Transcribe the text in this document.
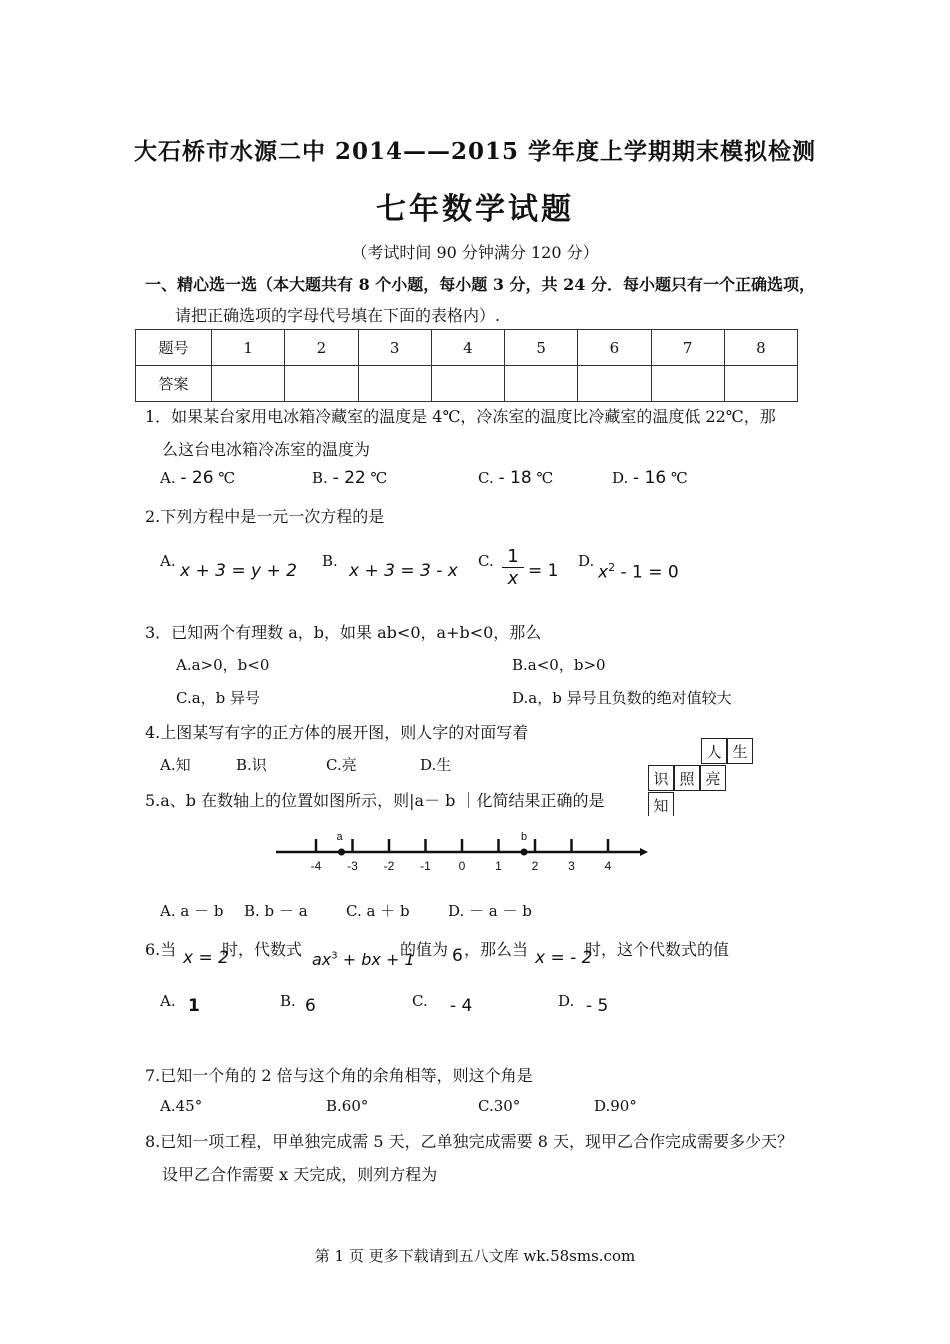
大石桥市水源二中 2014——2015 学年度上学期期末模拟检测
七年数学试题
（考试时间 90 分钟满分 120 分）
一、精心选一选（本大题共有 8 个小题，每小题 3 分，共 24 分．每小题只有一个正确选项，
请把正确选项的字母代号填在下面的表格内）.
题号	1	2	3	4	5	6	7	8
答案								
1．如果某台家用电冰箱冷藏室的温度是 4℃，冷冻室的温度比冷藏室的温度低 22℃，那
么这台电冰箱冷冻室的温度为
A. - 26 ℃	B. - 22 ℃	C. - 18 ℃	D. - 16 ℃
2.下列方程中是一元一次方程的是
A. x + 3 = y + 2 B. x + 3 = 3 - x C. $\frac{1}{x} = 1$ D.
$x^2 - 1 = 0$
3．已知两个有理数 a，b，如果 ab<0，a+b<0，那么
A.a>0，b<0	B.a<0，b>0
C.a，b 异号	D.a，b 异号且负数的绝对值较大
4.上图某写有字的正方体的展开图，则人字的对面写着
A.知	B.识	C.亮	D.生
人 生
识 照 亮
知
5.a、b 在数轴上的位置如图所示，则|a－ b ｜化简结果正确的是
-4 -3 -2 -1 0 1 2 3 4
a	b
A. a － b B. b － a	C. a ＋ b	D. － a － b
6.当 x = 2
时，代数式
$ax^3$ + bx + 1
的值为 6 ，那么当 x = - 2
时，这个代数式的值
A. 1	B. 6	C. - 4	D. - 5
7.已知一个角的 2 倍与这个角的余角相等，则这个角是
A.45°	B.60°	C.30°	D.90°
8.已知一项工程，甲单独完成需 5 天，乙单独完成需要 8 天，现甲乙合作完成需要多少天？
设甲乙合作需要 x 天完成，则列方程为
第 1 页 更多下载请到五八文库 wk.58sms.com
